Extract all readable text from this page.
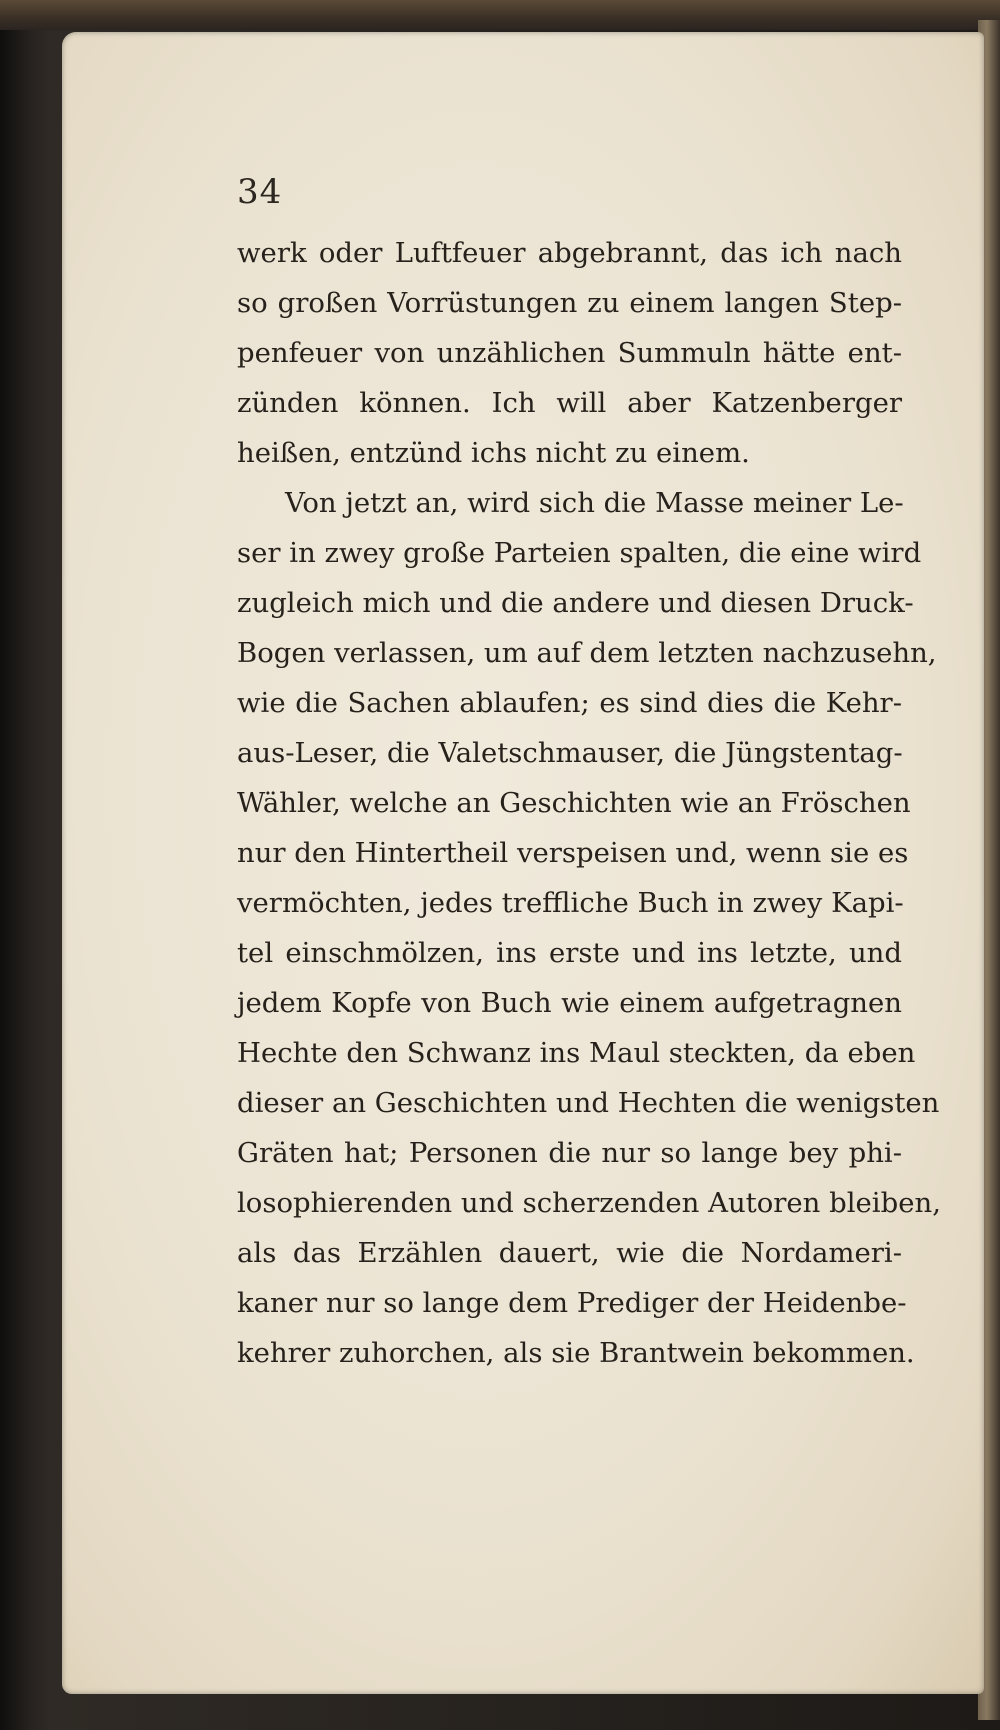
34
werk oder Luftfeuer abgebrannt, das ich nach
so großen Vorrüstungen zu einem langen Step-
penfeuer von unzählichen Summuln hätte ent-
zünden können. Ich will aber Katzenberger
heißen, entzünd ichs nicht zu einem.
Von jetzt an, wird sich die Masse meiner Le-
ser in zwey große Parteien spalten, die eine wird
zugleich mich und die andere und diesen Druck-
Bogen verlassen, um auf dem letzten nachzusehn,
wie die Sachen ablaufen; es sind dies die Kehr-
aus-Leser, die Valetschmauser, die Jüngstentag-
Wähler, welche an Geschichten wie an Fröschen
nur den Hintertheil verspeisen und, wenn sie es
vermöchten, jedes treffliche Buch in zwey Kapi-
tel einschmölzen, ins erste und ins letzte, und
jedem Kopfe von Buch wie einem aufgetragnen
Hechte den Schwanz ins Maul steckten, da eben
dieser an Geschichten und Hechten die wenigsten
Gräten hat; Personen die nur so lange bey phi-
losophierenden und scherzenden Autoren bleiben,
als das Erzählen dauert, wie die Nordameri-
kaner nur so lange dem Prediger der Heidenbe-
kehrer zuhorchen, als sie Brantwein bekommen.
